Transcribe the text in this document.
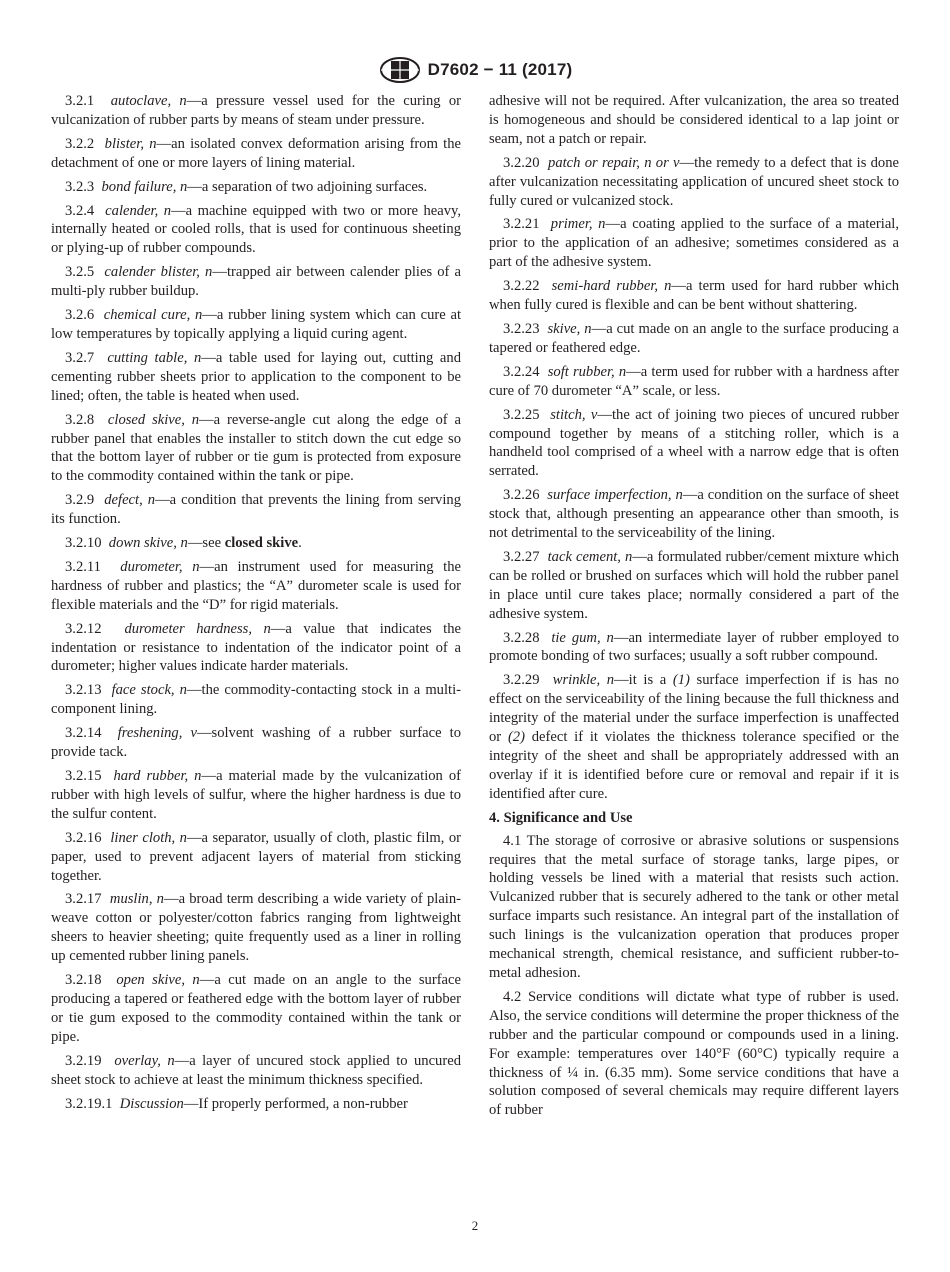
D7602 − 11 (2017)

3.2.1 autoclave, n—a pressure vessel used for the curing or vulcanization of rubber parts by means of steam under pressure.

3.2.2 blister, n—an isolated convex deformation arising from the detachment of one or more layers of lining material.

3.2.3 bond failure, n—a separation of two adjoining surfaces.

3.2.4 calender, n—a machine equipped with two or more heavy, internally heated or cooled rolls, that is used for continuous sheeting or plying-up of rubber compounds.

3.2.5 calender blister, n—trapped air between calender plies of a multi-ply rubber buildup.

3.2.6 chemical cure, n—a rubber lining system which can cure at low temperatures by topically applying a liquid curing agent.

3.2.7 cutting table, n—a table used for laying out, cutting and cementing rubber sheets prior to application to the component to be lined; often, the table is heated when used.

3.2.8 closed skive, n—a reverse-angle cut along the edge of a rubber panel that enables the installer to stitch down the cut edge so that the bottom layer of rubber or tie gum is protected from exposure to the commodity contained within the tank or pipe.

3.2.9 defect, n—a condition that prevents the lining from serving its function.

3.2.10 down skive, n—see closed skive.

3.2.11 durometer, n—an instrument used for measuring the hardness of rubber and plastics; the “A” durometer scale is used for flexible materials and the “D” for rigid materials.

3.2.12 durometer hardness, n—a value that indicates the indentation or resistance to indentation of the indicator point of a durometer; higher values indicate harder materials.

3.2.13 face stock, n—the commodity-contacting stock in a multi-component lining.

3.2.14 freshening, v—solvent washing of a rubber surface to provide tack.

3.2.15 hard rubber, n—a material made by the vulcanization of rubber with high levels of sulfur, where the higher hardness is due to the sulfur content.

3.2.16 liner cloth, n—a separator, usually of cloth, plastic film, or paper, used to prevent adjacent layers of material from sticking together.

3.2.17 muslin, n—a broad term describing a wide variety of plain-weave cotton or polyester/cotton fabrics ranging from lightweight sheers to heavier sheeting; quite frequently used as a liner in rolling up cemented rubber lining panels.

3.2.18 open skive, n—a cut made on an angle to the surface producing a tapered or feathered edge with the bottom layer of rubber or tie gum exposed to the commodity contained within the tank or pipe.

3.2.19 overlay, n—a layer of uncured stock applied to uncured sheet stock to achieve at least the minimum thickness specified.

3.2.19.1 Discussion—If properly performed, a non-rubber

adhesive will not be required. After vulcanization, the area so treated is homogeneous and should be considered identical to a lap joint or seam, not a patch or repair.

3.2.20 patch or repair, n or v—the remedy to a defect that is done after vulcanization necessitating application of uncured sheet stock to fully cured or vulcanized stock.

3.2.21 primer, n—a coating applied to the surface of a material, prior to the application of an adhesive; sometimes considered as a part of the adhesive system.

3.2.22 semi-hard rubber, n—a term used for hard rubber which when fully cured is flexible and can be bent without shattering.

3.2.23 skive, n—a cut made on an angle to the surface producing a tapered or feathered edge.

3.2.24 soft rubber, n—a term used for rubber with a hardness after cure of 70 durometer “A” scale, or less.

3.2.25 stitch, v—the act of joining two pieces of uncured rubber compound together by means of a stitching roller, which is a handheld tool comprised of a wheel with a narrow edge that is often serrated.

3.2.26 surface imperfection, n—a condition on the surface of sheet stock that, although presenting an appearance other than smooth, is not detrimental to the serviceability of the lining.

3.2.27 tack cement, n—a formulated rubber/cement mixture which can be rolled or brushed on surfaces which will hold the rubber panel in place until cure takes place; normally considered a part of the adhesive system.

3.2.28 tie gum, n—an intermediate layer of rubber employed to promote bonding of two surfaces; usually a soft rubber compound.

3.2.29 wrinkle, n—it is a (1) surface imperfection if is has no effect on the serviceability of the lining because the full thickness and integrity of the material under the surface imperfection is unaffected or (2) defect if it violates the thickness tolerance specified or the integrity of the sheet and shall be appropriately addressed with an overlay if it is identified before cure or removal and repair if it is identified after cure.

4. Significance and Use

4.1 The storage of corrosive or abrasive solutions or suspensions requires that the metal surface of storage tanks, large pipes, or holding vessels be lined with a material that resists such action. Vulcanized rubber that is securely adhered to the tank or other metal surface imparts such resistance. An integral part of the installation of such linings is the vulcanization operation that produces proper mechanical strength, chemical resistance, and sufficient rubber-to-metal adhesion.

4.2 Service conditions will dictate what type of rubber is used. Also, the service conditions will determine the proper thickness of the rubber and the particular compound or compounds used in a lining. For example: temperatures over 140°F (60°C) typically require a thickness of ¼ in. (6.35 mm). Some service conditions that have a solution composed of several chemicals may require different layers of rubber

2
